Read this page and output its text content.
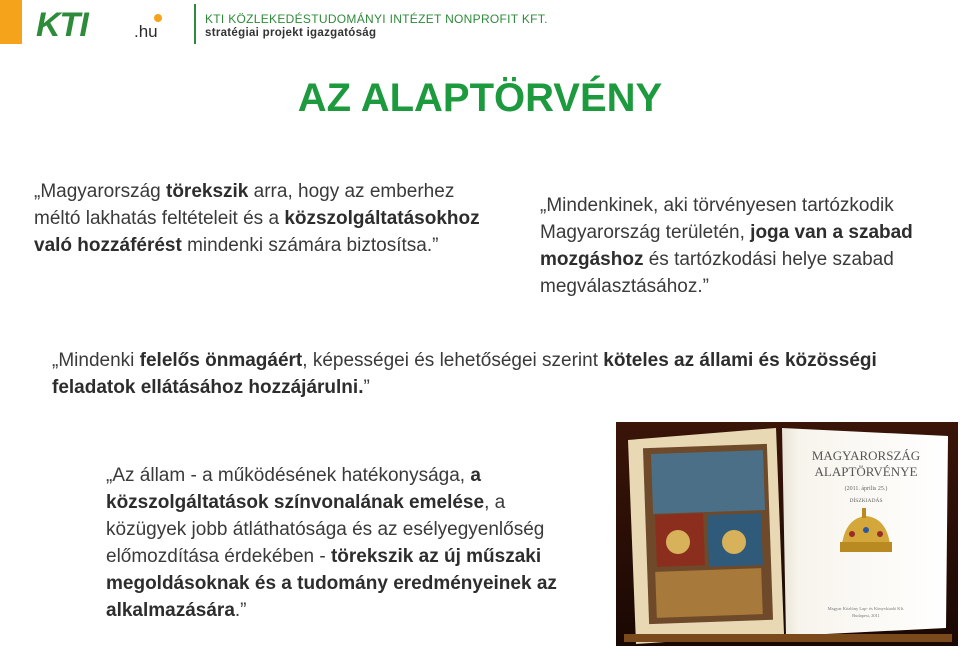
KTI	.hu
KTI KÖZLEKEDÉSTUDOMÁNYI INTÉZET NONPROFIT KFT.
stratégiai projekt igazgatóság
AZ ALAPTÖRVÉNY
„Magyarország törekszik arra, hogy az emberhez méltó lakhatás feltételeit és a közszolgáltatásokhoz való hozzáférést mindenki számára biztosítsa.”
„Mindenkinek, aki törvényesen tartózkodik Magyarország területén, joga van a szabad mozgáshoz és tartózkodási helye szabad megválasztásához.”
„Mindenki felelős önmagáért, képességei és lehetőségei szerint köteles az állami és közösségi feladatok ellátásához hozzájárulni.”
„Az állam - a működésének hatékonysága, a közszolgáltatások színvonalának emelése, a közügyek jobb átláthatósága és az esélyegyenlőség előmozdítása érdekében - törekszik az új műszaki megoldásoknak és a tudomány eredményeinek az alkalmazására.”
MAGYARORSZÁG
ALAPTÖRVÉNYE
(2011. április 25.)
DÍSZKIADÁS
Magyar Közlöny Lap- és Könyvkiadó Kft.
Budapest, 2011
